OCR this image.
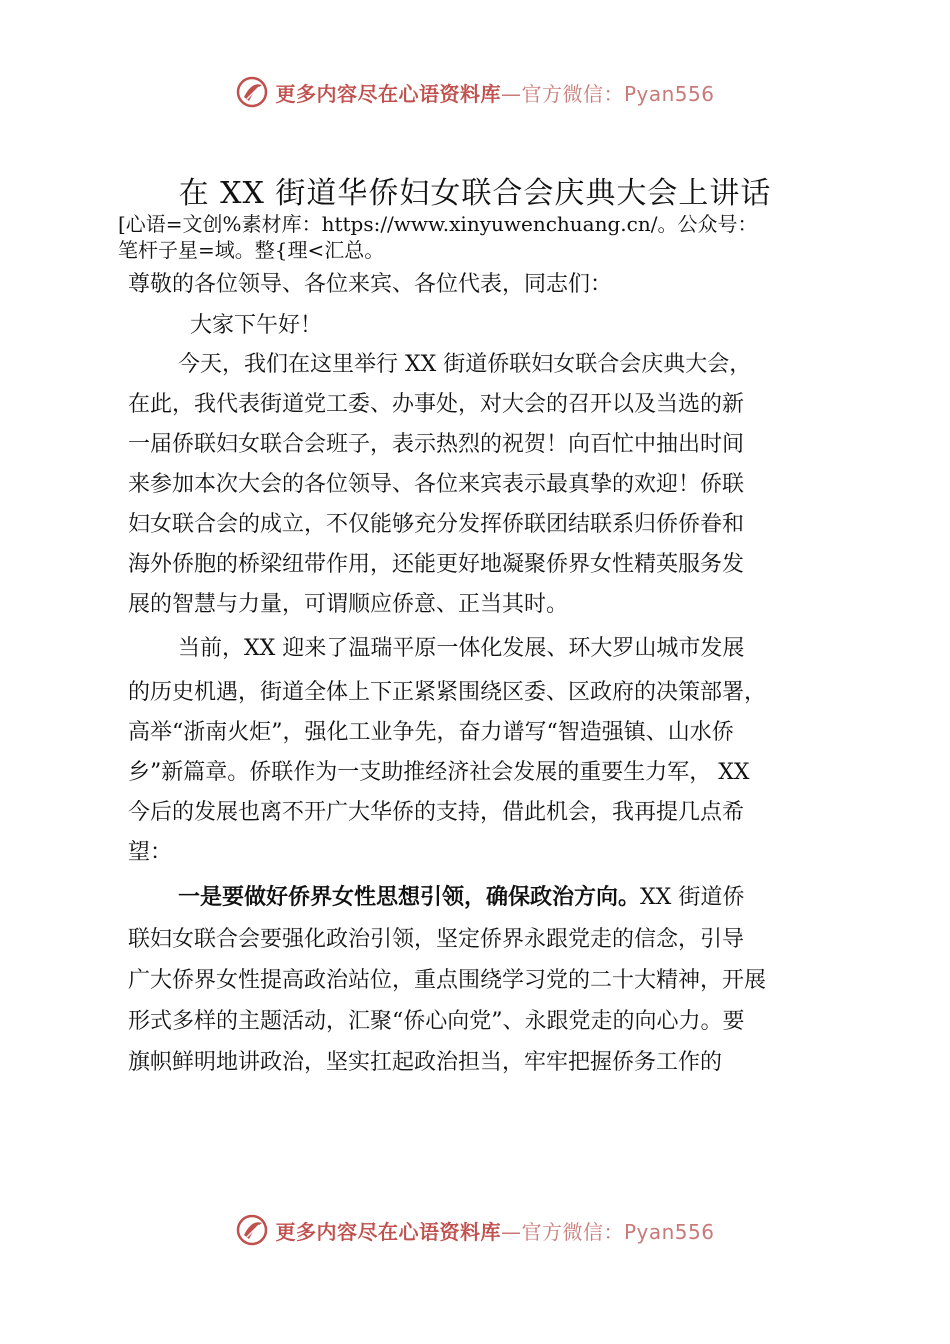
更多内容尽在心语资料库—官方微信：Pyan556
在 XX 街道华侨妇女联合会庆典大会上讲话
[心语=文创%素材库：https://www.xinyuwenchuang.cn/。公众号：
笔杆子星=域。整{理<汇总。
尊敬的各位领导、各位来宾、各位代表，同志们：
大家下午好！
今天，我们在这里举行 XX 街道侨联妇女联合会庆典大会，
在此，我代表街道党工委、办事处，对大会的召开以及当选的新
一届侨联妇女联合会班子，表示热烈的祝贺！向百忙中抽出时间
来参加本次大会的各位领导、各位来宾表示最真挚的欢迎！侨联
妇女联合会的成立，不仅能够充分发挥侨联团结联系归侨侨眷和
海外侨胞的桥梁纽带作用，还能更好地凝聚侨界女性精英服务发
展的智慧与力量，可谓顺应侨意、正当其时。
当前，XX 迎来了温瑞平原一体化发展、环大罗山城市发展
的历史机遇，街道全体上下正紧紧围绕区委、区政府的决策部署，
高举“浙南火炬”，强化工业争先，奋力谱写“智造强镇、山水侨
乡”新篇章。侨联作为一支助推经济社会发展的重要生力军， XX
今后的发展也离不开广大华侨的支持，借此机会，我再提几点希
望：
一是要做好侨界女性思想引领，确保政治方向。XX 街道侨
联妇女联合会要强化政治引领，坚定侨界永跟党走的信念，引导
广大侨界女性提高政治站位，重点围绕学习党的二十大精神，开展
形式多样的主题活动，汇聚“侨心向党”、永跟党走的向心力。要
旗帜鲜明地讲政治，坚实扛起政治担当，牢牢把握侨务工作的
更多内容尽在心语资料库—官方微信：Pyan556
